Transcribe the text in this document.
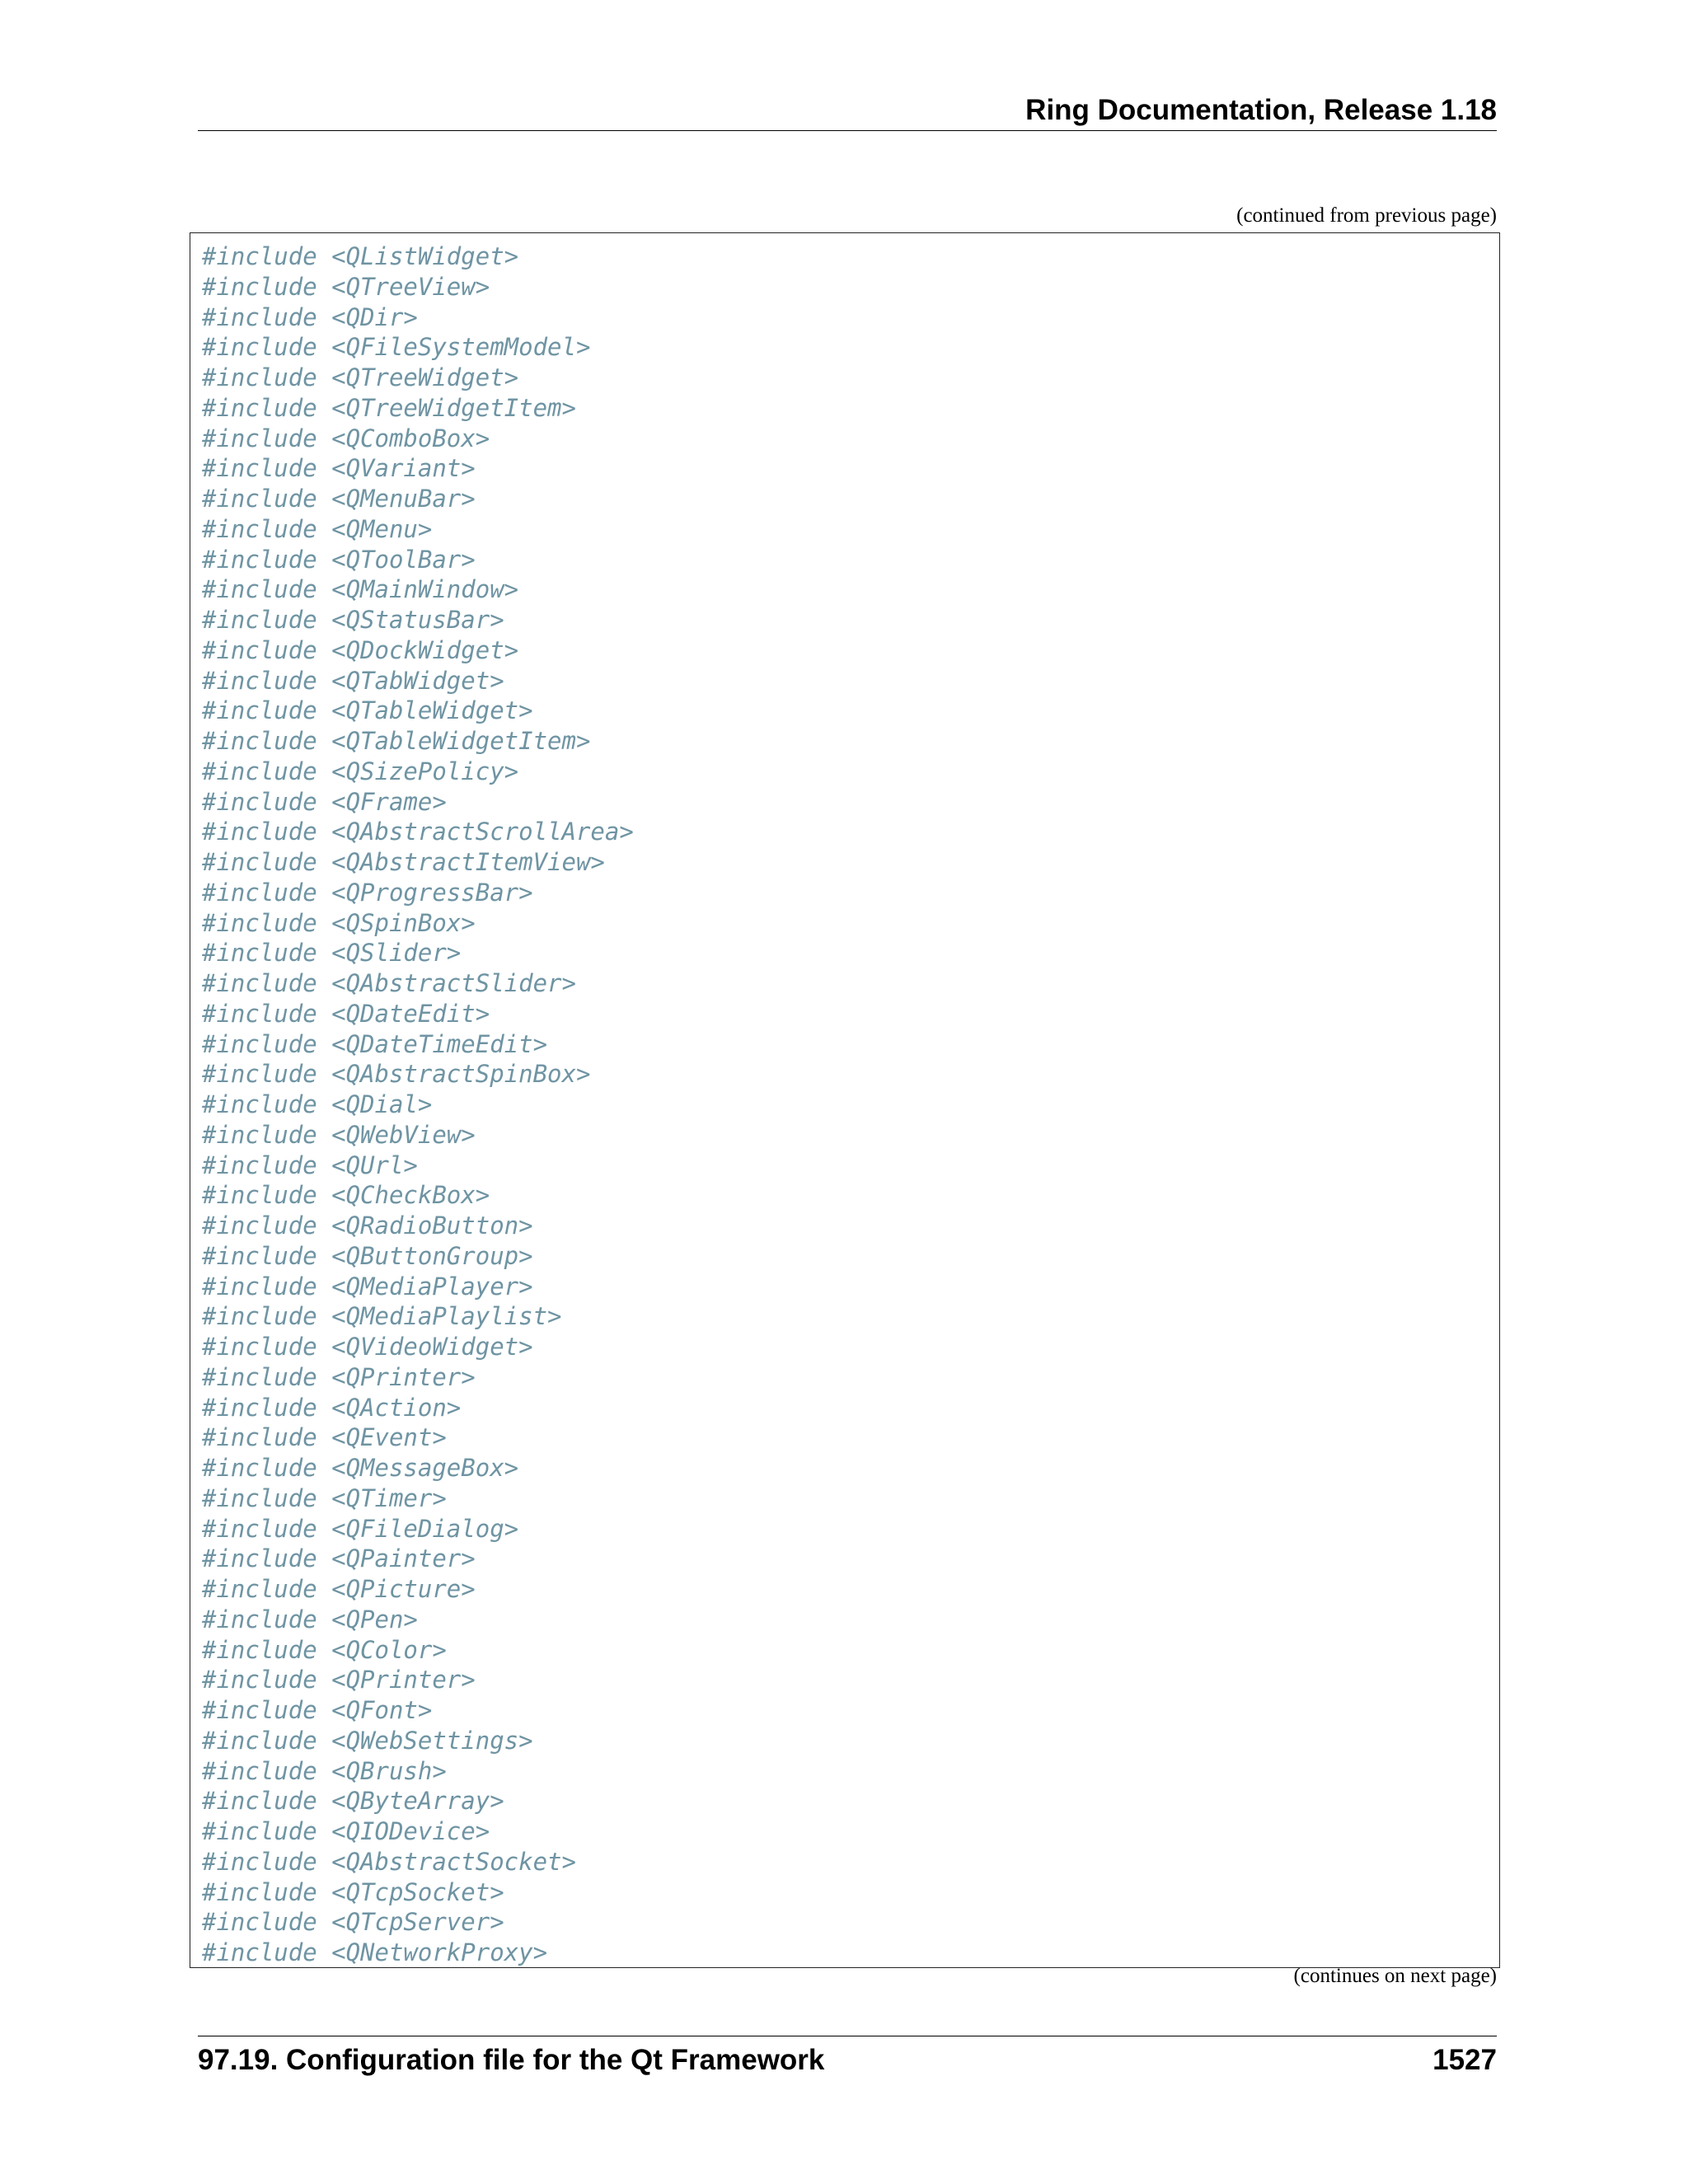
Ring Documentation, Release 1.18
(continued from previous page)
#include <QListWidget>
#include <QTreeView>
#include <QDir>
#include <QFileSystemModel>
#include <QTreeWidget>
#include <QTreeWidgetItem>
#include <QComboBox>
#include <QVariant>
#include <QMenuBar>
#include <QMenu>
#include <QToolBar>
#include <QMainWindow>
#include <QStatusBar>
#include <QDockWidget>
#include <QTabWidget>
#include <QTableWidget>
#include <QTableWidgetItem>
#include <QSizePolicy>
#include <QFrame>
#include <QAbstractScrollArea>
#include <QAbstractItemView>
#include <QProgressBar>
#include <QSpinBox>
#include <QSlider>
#include <QAbstractSlider>
#include <QDateEdit>
#include <QDateTimeEdit>
#include <QAbstractSpinBox>
#include <QDial>
#include <QWebView>
#include <QUrl>
#include <QCheckBox>
#include <QRadioButton>
#include <QButtonGroup>
#include <QMediaPlayer>
#include <QMediaPlaylist>
#include <QVideoWidget>
#include <QPrinter>
#include <QAction>
#include <QEvent>
#include <QMessageBox>
#include <QTimer>
#include <QFileDialog>
#include <QPainter>
#include <QPicture>
#include <QPen>
#include <QColor>
#include <QPrinter>
#include <QFont>
#include <QWebSettings>
#include <QBrush>
#include <QByteArray>
#include <QIODevice>
#include <QAbstractSocket>
#include <QTcpSocket>
#include <QTcpServer>
#include <QNetworkProxy>
(continues on next page)
97.19. Configuration file for the Qt Framework	1527
